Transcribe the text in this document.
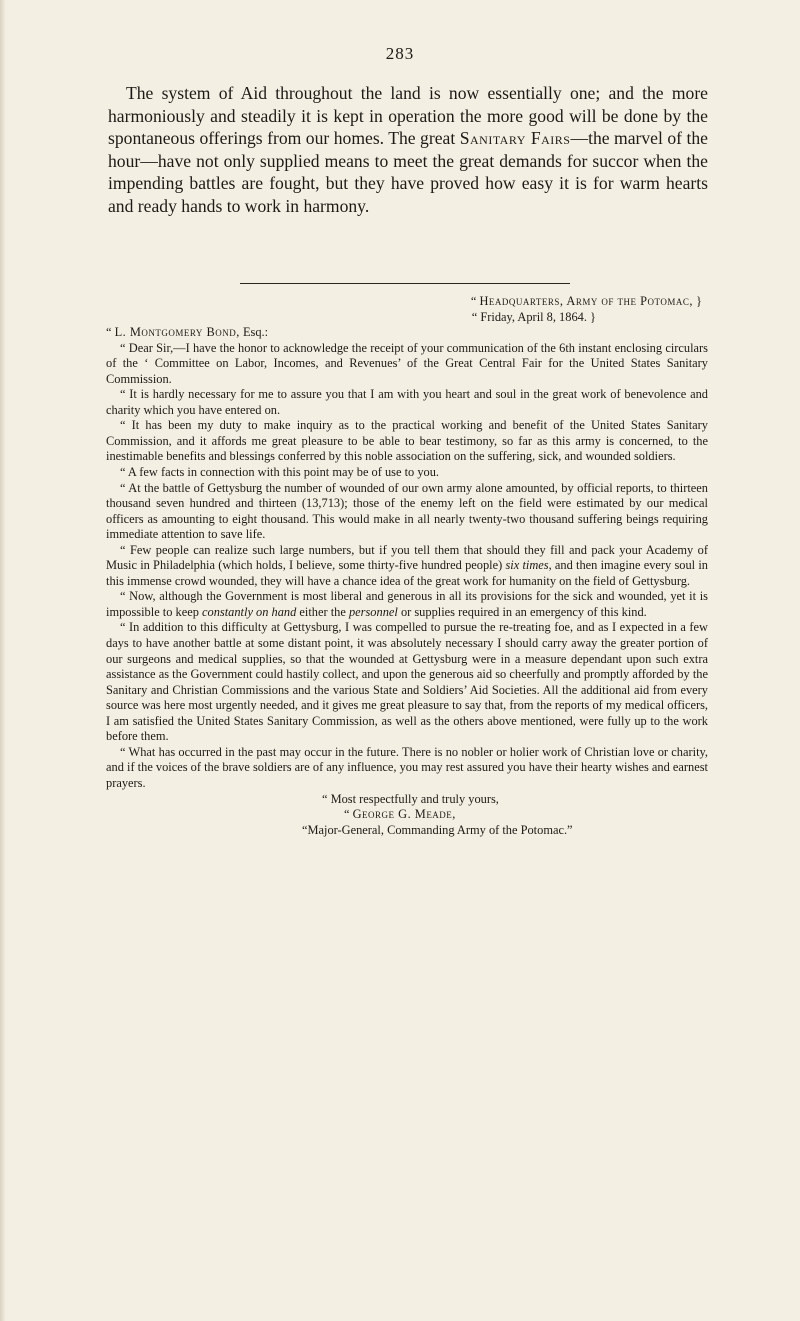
283

The system of Aid throughout the land is now essentially one; and the more harmoniously and steadily it is kept in operation the more good will be done by the spontaneous offerings from our homes. The great Sanitary Fairs—the marvel of the hour—have not only supplied means to meet the great demands for succor when the impending battles are fought, but they have proved how easy it is for warm hearts and ready hands to work in harmony.

“ Headquarters, Army of the Potomac, }

“ Friday, April 8, 1864. }

“ L. Montgomery Bond, Esq.:

“ Dear Sir,—I have the honor to acknowledge the receipt of your communication of the 6th instant enclosing circulars of the ‘ Committee on Labor, Incomes, and Revenues’ of the Great Central Fair for the United States Sanitary Commission.

“ It is hardly necessary for me to assure you that I am with you heart and soul in the great work of benevolence and charity which you have entered on.

“ It has been my duty to make inquiry as to the practical working and benefit of the United States Sanitary Commission, and it affords me great pleasure to be able to bear testimony, so far as this army is concerned, to the inestimable benefits and blessings conferred by this noble association on the suffering, sick, and wounded soldiers.

“ A few facts in connection with this point may be of use to you.

“ At the battle of Gettysburg the number of wounded of our own army alone amounted, by official reports, to thirteen thousand seven hundred and thirteen (13,713); those of the enemy left on the field were estimated by our medical officers as amounting to eight thousand. This would make in all nearly twenty-two thousand suffering beings requiring immediate attention to save life.

“ Few people can realize such large numbers, but if you tell them that should they fill and pack your Academy of Music in Philadelphia (which holds, I believe, some thirty-five hundred people) six times, and then imagine every soul in this immense crowd wounded, they will have a chance idea of the great work for humanity on the field of Gettysburg.

“ Now, although the Government is most liberal and generous in all its provisions for the sick and wounded, yet it is impossible to keep constantly on hand either the personnel or supplies required in an emergency of this kind.

“ In addition to this difficulty at Gettysburg, I was compelled to pursue the re-treating foe, and as I expected in a few days to have another battle at some distant point, it was absolutely necessary I should carry away the greater portion of our surgeons and medical supplies, so that the wounded at Gettysburg were in a measure dependant upon such extra assistance as the Government could hastily collect, and upon the generous aid so cheerfully and promptly afforded by the Sanitary and Christian Commissions and the various State and Soldiers’ Aid Societies. All the additional aid from every source was here most urgently needed, and it gives me great pleasure to say that, from the reports of my medical officers, I am satisfied the United States Sanitary Commission, as well as the others above mentioned, were fully up to the work before them.

“ What has occurred in the past may occur in the future. There is no nobler or holier work of Christian love or charity, and if the voices of the brave soldiers are of any influence, you may rest assured you have their hearty wishes and earnest prayers.

“ Most respectfully and truly yours,

“ George G. Meade,

“Major-General, Commanding Army of the Potomac.”
